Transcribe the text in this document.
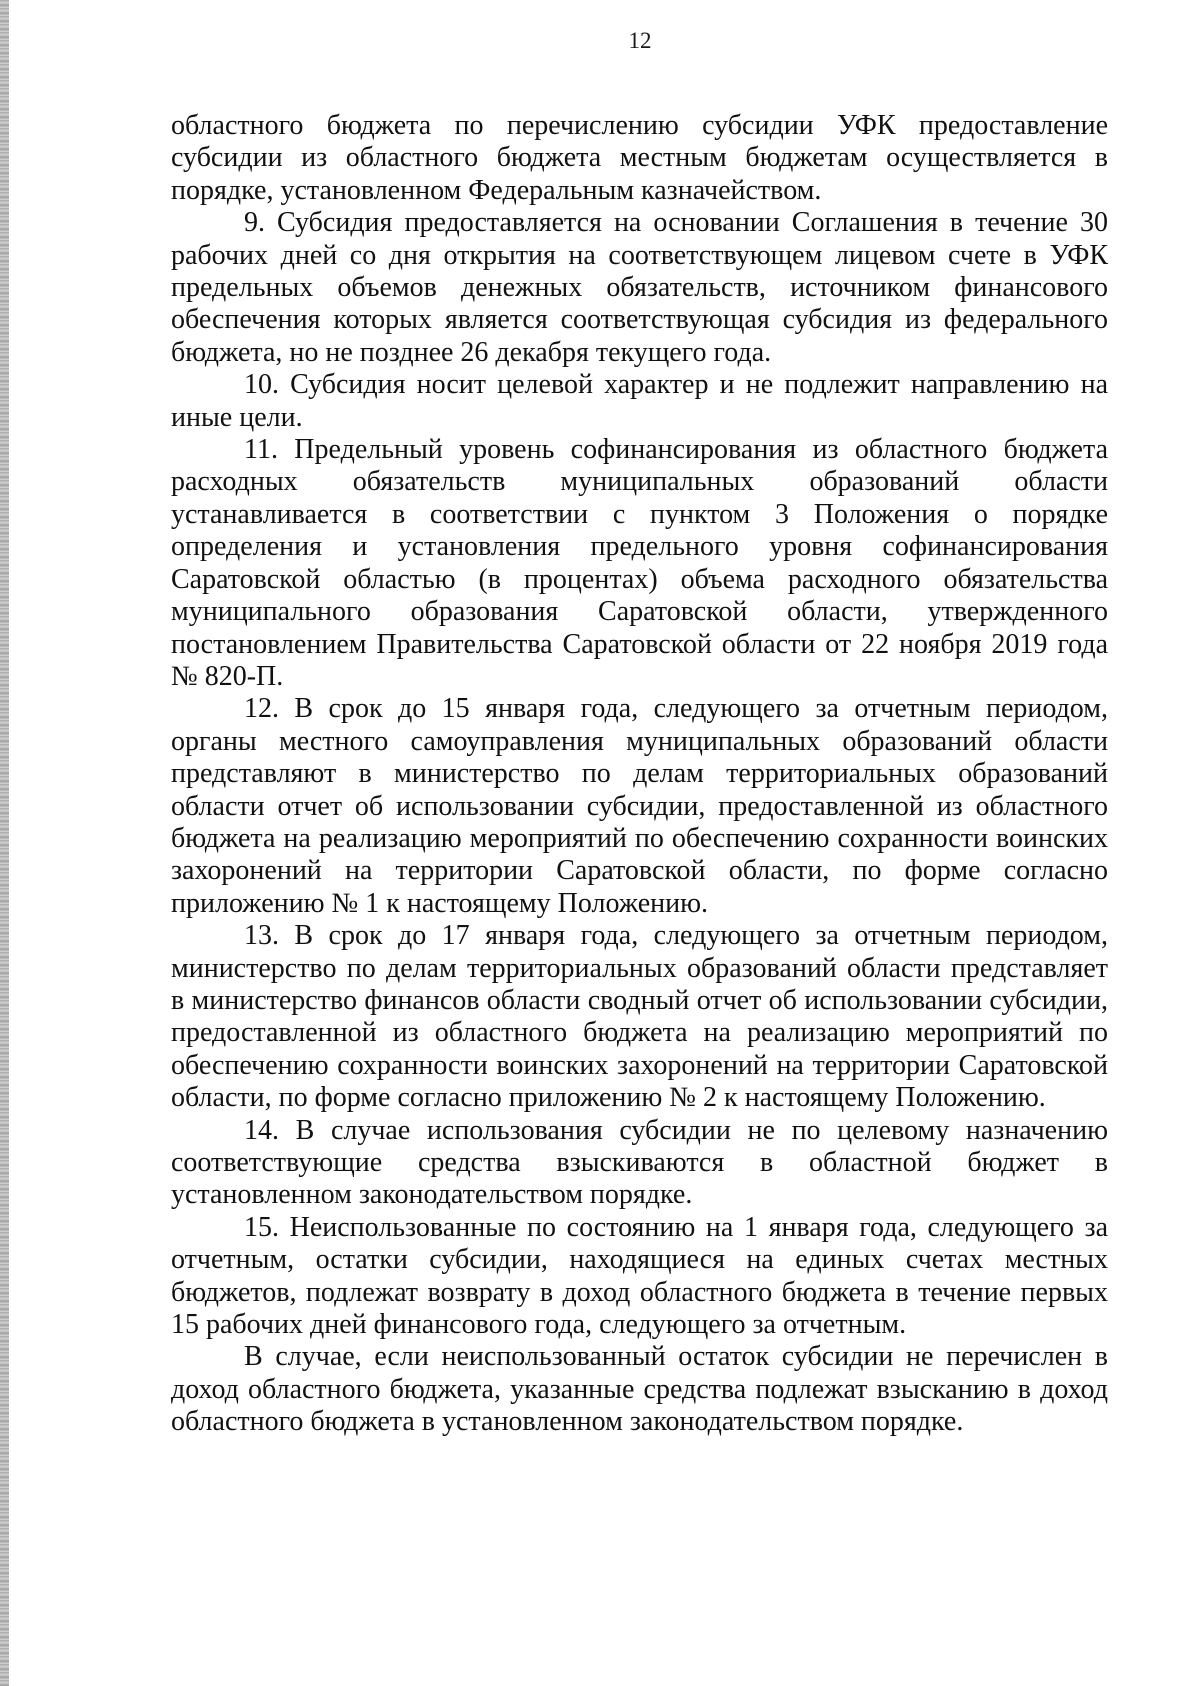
12

областного бюджета по перечислению субсидии УФК предоставление субсидии из областного бюджета местным бюджетам осуществляется в порядке, установленном Федеральным казначейством.

9. Субсидия предоставляется на основании Соглашения в течение 30 рабочих дней со дня открытия на соответствующем лицевом счете в УФК предельных объемов денежных обязательств, источником финансового обеспечения которых является соответствующая субсидия из федерального бюджета, но не позднее 26 декабря текущего года.

10. Субсидия носит целевой характер и не подлежит направлению на иные цели.

11. Предельный уровень софинансирования из областного бюджета расходных обязательств муниципальных образований области устанавливается в соответствии с пунктом 3 Положения о порядке определения и установления предельного уровня софинансирования Саратовской областью (в процентах) объема расходного обязательства муниципального образования Саратовской области, утвержденного постановлением Правительства Саратовской области от 22 ноября 2019 года № 820-П.

12. В срок до 15 января года, следующего за отчетным периодом, органы местного самоуправления муниципальных образований области представляют в министерство по делам территориальных образований области отчет об использовании субсидии, предоставленной из областного бюджета на реализацию мероприятий по обеспечению сохранности воинских захоронений на территории Саратовской области, по форме согласно приложению № 1 к настоящему Положению.

13. В срок до 17 января года, следующего за отчетным периодом, министерство по делам территориальных образований области представляет в министерство финансов области сводный отчет об использовании субсидии, предоставленной из областного бюджета на реализацию мероприятий по обеспечению сохранности воинских захоронений на территории Саратовской области, по форме согласно приложению № 2 к настоящему Положению.

14. В случае использования субсидии не по целевому назначению соответствующие средства взыскиваются в областной бюджет в установленном законодательством порядке.

15. Неиспользованные по состоянию на 1 января года, следующего за отчетным, остатки субсидии, находящиеся на единых счетах местных бюджетов, подлежат возврату в доход областного бюджета в течение первых 15 рабочих дней финансового года, следующего за отчетным.

В случае, если неиспользованный остаток субсидии не перечислен в доход областного бюджета, указанные средства подлежат взысканию в доход областного бюджета в установленном законодательством порядке.
